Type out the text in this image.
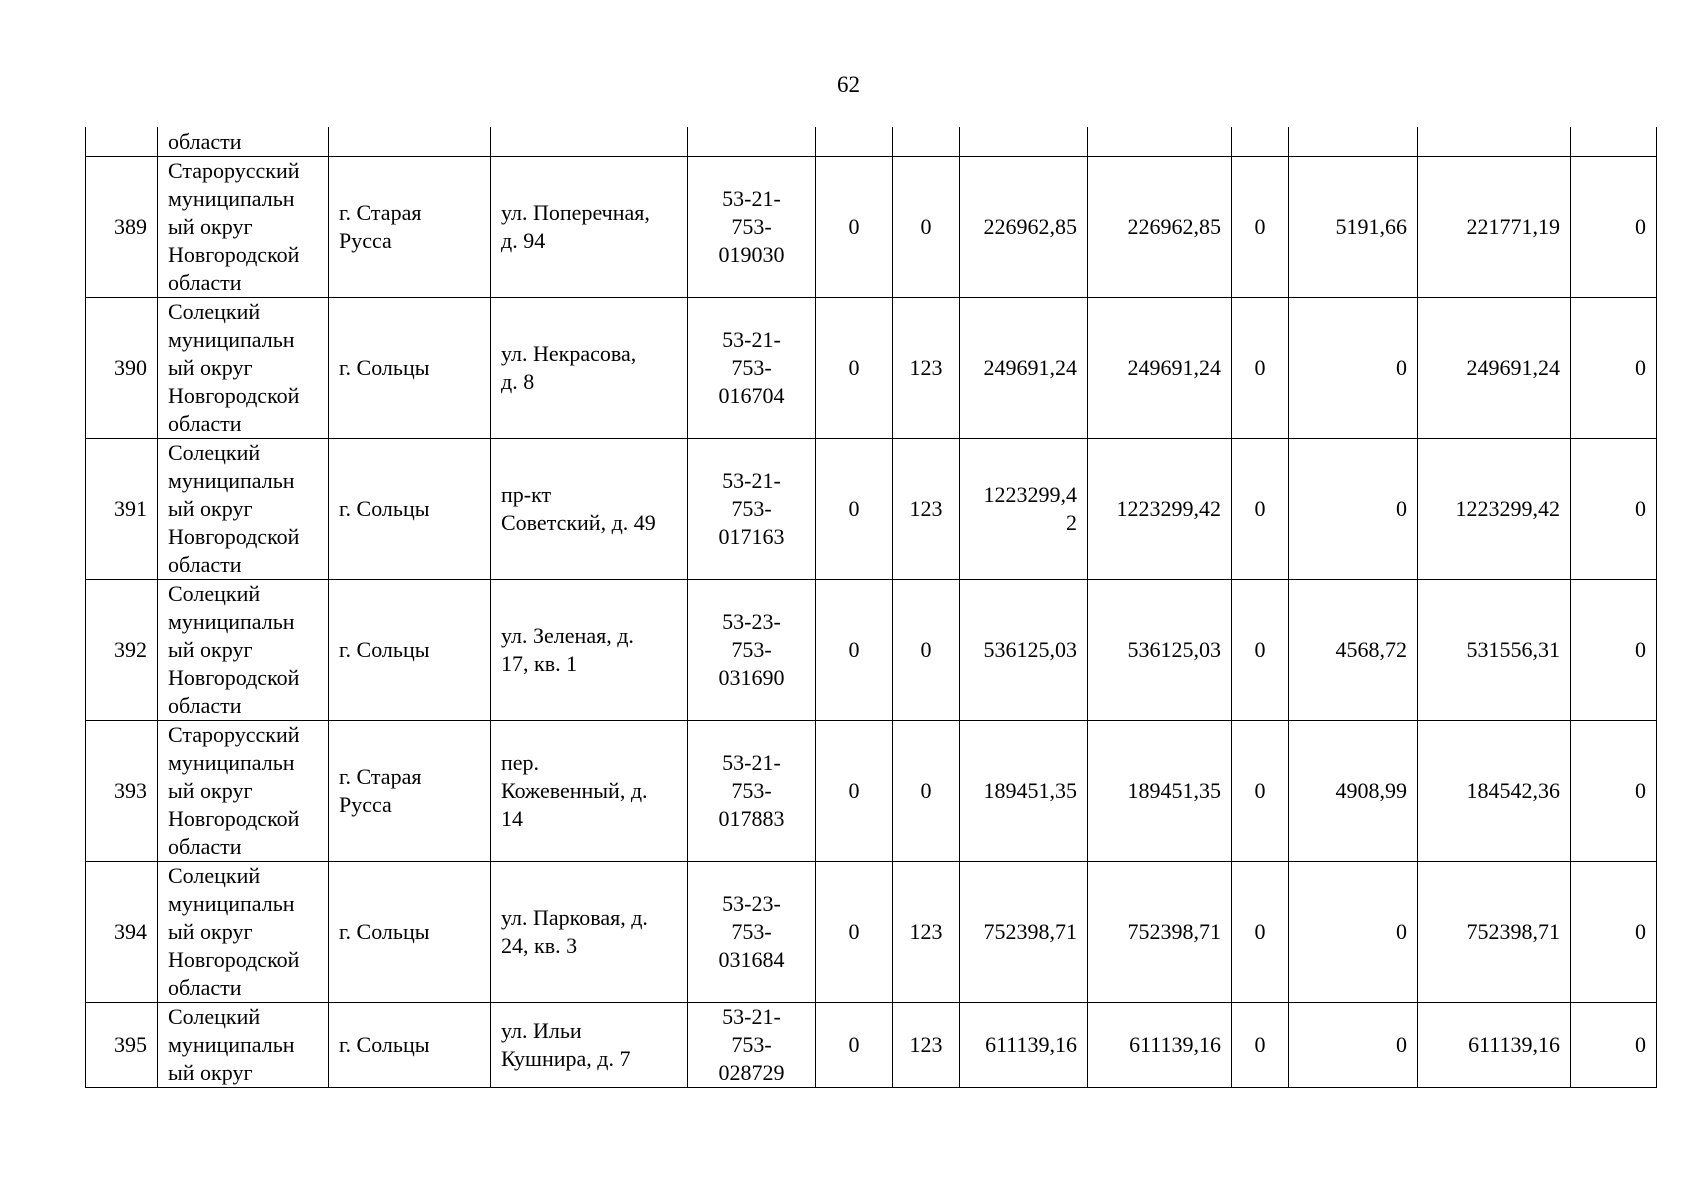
62
	области											
389	Старорусский
муниципальн
ый округ
Новгородской
области	г. Старая
Русса	ул. Поперечная,
д. 94	53-21-
753-
019030	0	0	226962,85	226962,85	0	5191,66	221771,19	0
390	Солецкий
муниципальн
ый округ
Новгородской
области	г. Сольцы	ул. Некрасова,
д. 8	53-21-
753-
016704	0	123	249691,24	249691,24	0	0	249691,24	0
391	Солецкий
муниципальн
ый округ
Новгородской
области	г. Сольцы	пр-кт
Советский, д. 49	53-21-
753-
017163	0	123	1223299,4
2	1223299,42	0	0	1223299,42	0
392	Солецкий
муниципальн
ый округ
Новгородской
области	г. Сольцы	ул. Зеленая, д.
17, кв. 1	53-23-
753-
031690	0	0	536125,03	536125,03	0	4568,72	531556,31	0
393	Старорусский
муниципальн
ый округ
Новгородской
области	г. Старая
Русса	пер.
Кожевенный, д.
14	53-21-
753-
017883	0	0	189451,35	189451,35	0	4908,99	184542,36	0
394	Солецкий
муниципальн
ый округ
Новгородской
области	г. Сольцы	ул. Парковая, д.
24, кв. 3	53-23-
753-
031684	0	123	752398,71	752398,71	0	0	752398,71	0
395	Солецкий
муниципальн
ый округ	г. Сольцы	ул. Ильи
Кушнира, д. 7	53-21-
753-
028729	0	123	611139,16	611139,16	0	0	611139,16	0
